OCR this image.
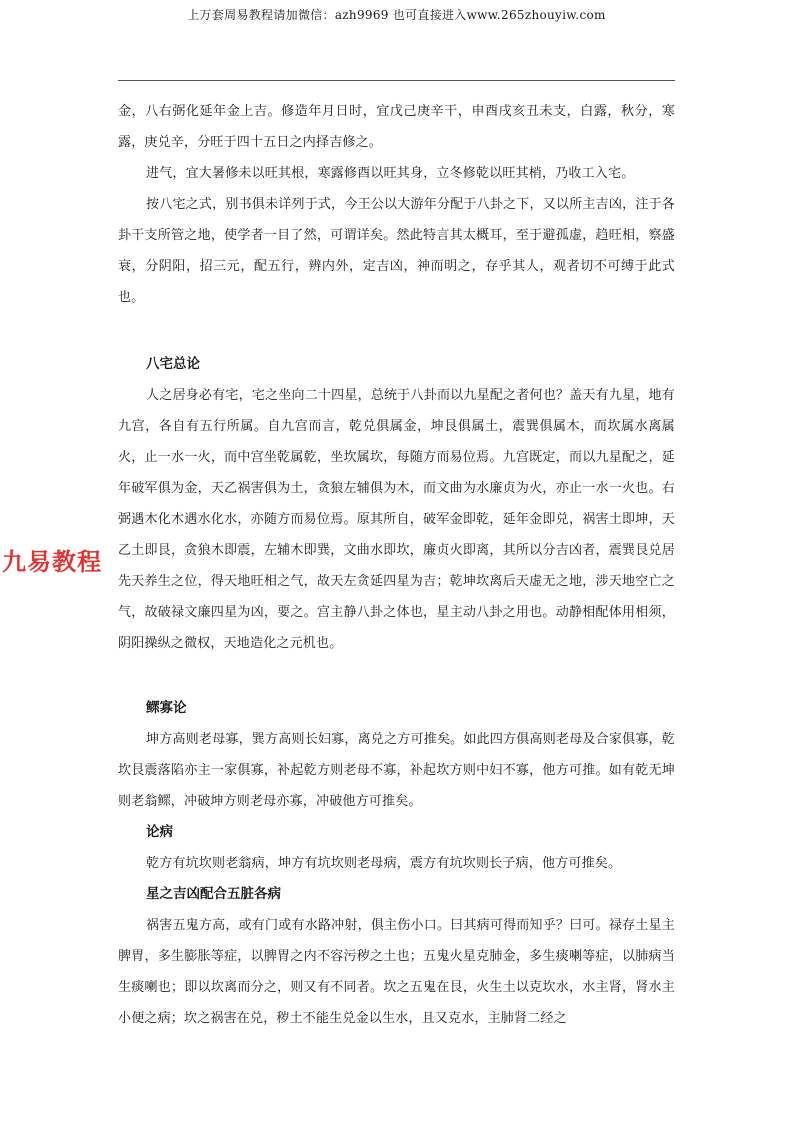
上万套周易教程请加微信：azh9969 也可直接进入www.265zhouyiw.com
九易教程

金，八右弼化延年金上吉。修造年月日时，宜戊己庚辛干，申酉戌亥丑未支，白露，秋分，寒露，庚兑辛，分旺于四十五日之内择吉修之。

进气，宜大暑修未以旺其根，寒露修酉以旺其身，立冬修乾以旺其梢，乃收工入宅。

按八宅之式，别书俱未详列于式，今王公以大游年分配于八卦之下，又以所主吉凶，注于各卦干支所管之地，使学者一目了然，可谓详矣。然此特言其太概耳，至于避孤虚，趋旺相，察盛衰，分阴阳，招三元，配五行，辨内外，定吉凶，神而明之，存乎其人，观者切不可缚于此式也。

八宅总论

人之居身必有宅，宅之坐向二十四星，总统于八卦而以九星配之者何也？盖天有九星，地有九宫，各自有五行所属。自九宫而言，乾兑俱属金，坤艮俱属土，震巽俱属木，而坎属水离属火，止一水一火，而中宫坐乾属乾，坐坎属坎，每随方而易位焉。九宫既定，而以九星配之，延年破军俱为金，天乙祸害俱为土，贪狼左辅俱为木，而文曲为水廉贞为火，亦止一水一火也。右弼遇木化木遇水化水，亦随方而易位焉。原其所自，破军金即乾，延年金即兑，祸害土即坤，天乙土即艮，贪狼木即震，左辅木即巽，文曲水即坎，廉贞火即离，其所以分吉凶者，震巽艮兑居先天养生之位，得天地旺相之气，故天左贪延四星为吉；乾坤坎离后天虚无之地，涉天地空亡之气，故破禄文廉四星为凶，要之。宫主静八卦之体也，星主动八卦之用也。动静相配体用相须，阴阳操纵之微权，天地造化之元机也。

鳏寡论

坤方高则老母寡，巽方高则长妇寡，离兑之方可推矣。如此四方俱高则老母及合家俱寡，乾坎艮震落陷亦主一家俱寡，补起乾方则老母不寡，补起坎方则中妇不寡，他方可推。如有乾无坤则老翁鳏，冲破坤方则老母亦寡，冲破他方可推矣。

论病

乾方有坑坎则老翁病，坤方有坑坎则老母病，震方有坑坎则长子病，他方可推矣。

星之吉凶配合五脏各病

祸害五鬼方高，或有门或有水路冲射，俱主伤小口。曰其病可得而知乎？曰可。禄存土星主脾胃，多生膨胀等症，以脾胃之内不容污秽之土也；五鬼火星克肺金，多生痰喇等症，以肺病当生痰喇也；即以坎离而分之，则又有不同者。坎之五鬼在艮，火生土以克坎水，水主肾，肾水主小便之病；坎之祸害在兑，秽土不能生兑金以生水，且又克水，主肺肾二经之
